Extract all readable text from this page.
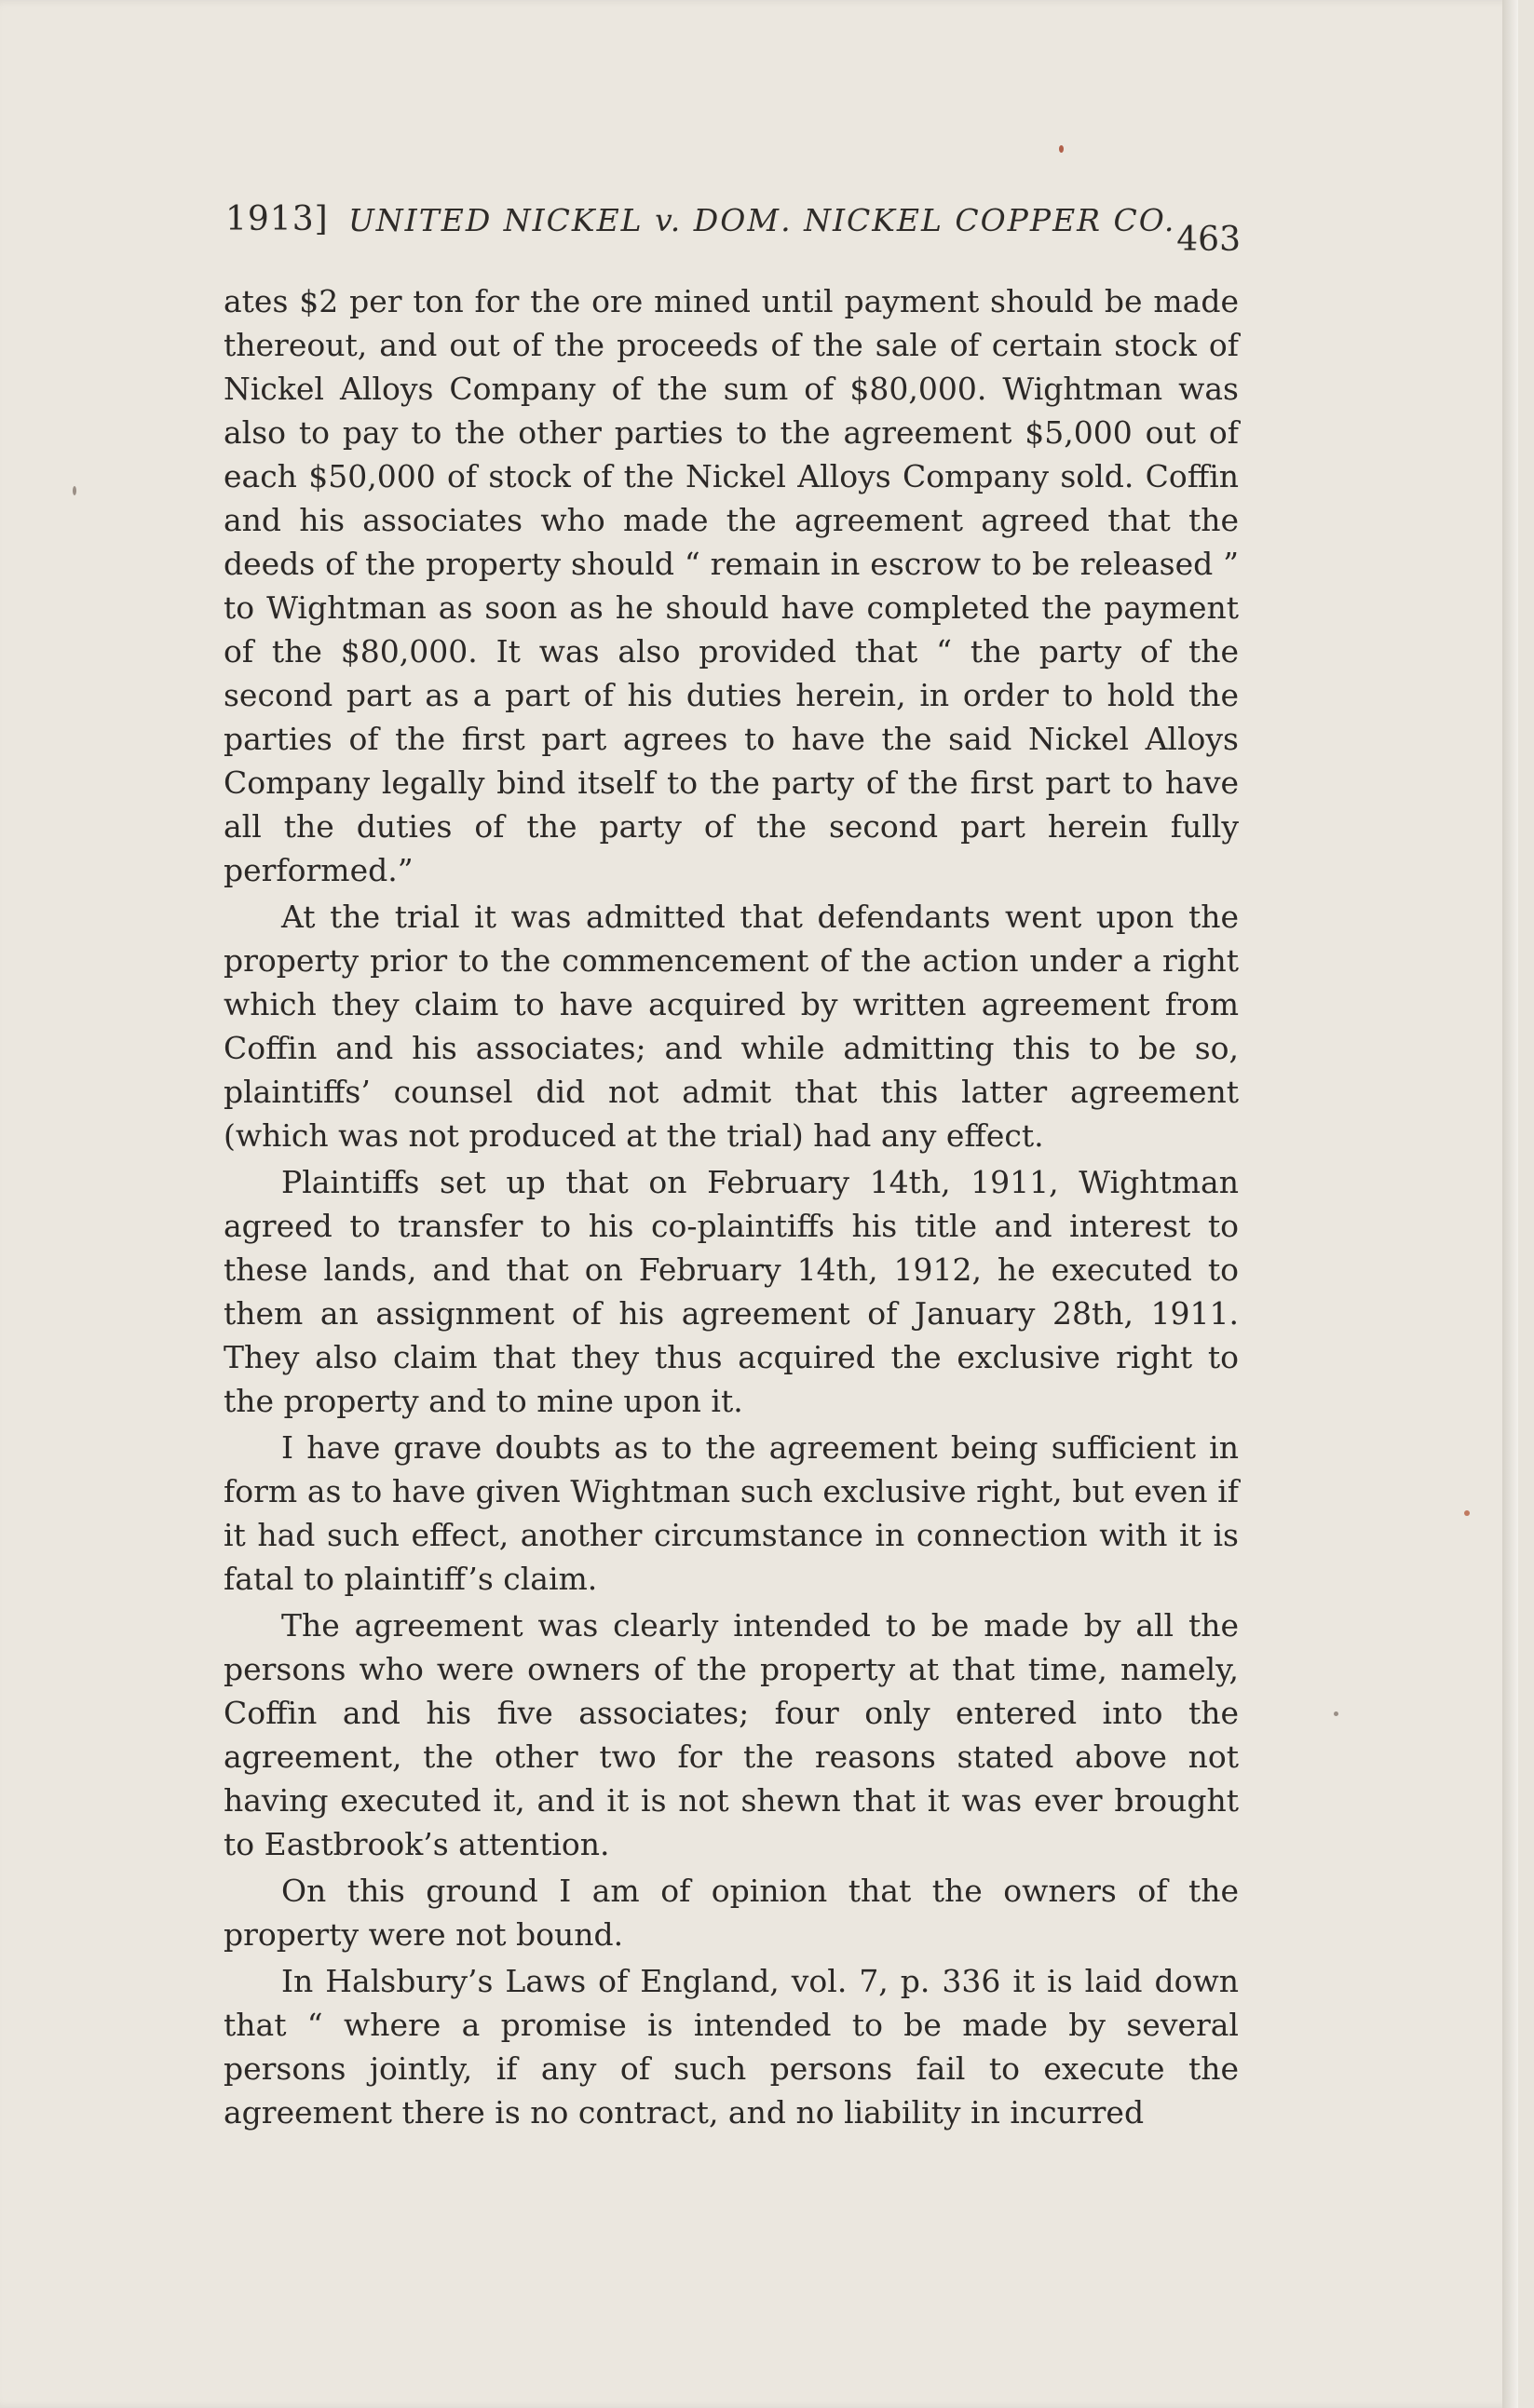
1913] UNITED NICKEL v. DOM. NICKEL COPPER CO.
463

ates $2 per ton for the ore mined until payment should be made thereout, and out of the proceeds of the sale of certain stock of Nickel Alloys Company of the sum of $80,000. Wightman was also to pay to the other parties to the agreement $5,000 out of each $50,000 of stock of the Nickel Alloys Company sold. Coffin and his associates who made the agreement agreed that the deeds of the property should “ remain in escrow to be released ” to Wightman as soon as he should have completed the payment of the $80,000. It was also provided that “ the party of the second part as a part of his duties herein, in order to hold the parties of the first part agrees to have the said Nickel Alloys Company legally bind itself to the party of the first part to have all the duties of the party of the second part herein fully performed.”

At the trial it was admitted that defendants went upon the property prior to the commencement of the action under a right which they claim to have acquired by written agreement from Coffin and his associates; and while admitting this to be so, plaintiffs’ counsel did not admit that this latter agreement (which was not produced at the trial) had any effect.

Plaintiffs set up that on February 14th, 1911, Wightman agreed to transfer to his co-plaintiffs his title and interest to these lands, and that on February 14th, 1912, he executed to them an assignment of his agreement of January 28th, 1911. They also claim that they thus acquired the exclusive right to the property and to mine upon it.

I have grave doubts as to the agreement being sufficient in form as to have given Wightman such exclusive right, but even if it had such effect, another circumstance in connection with it is fatal to plaintiff’s claim.

The agreement was clearly intended to be made by all the persons who were owners of the property at that time, namely, Coffin and his five associates; four only entered into the agreement, the other two for the reasons stated above not having executed it, and it is not shewn that it was ever brought to Eastbrook’s attention.

On this ground I am of opinion that the owners of the property were not bound.

In Halsbury’s Laws of England, vol. 7, p. 336 it is laid down that “ where a promise is intended to be made by several persons jointly, if any of such persons fail to execute the agreement there is no contract, and no liability in incurred
